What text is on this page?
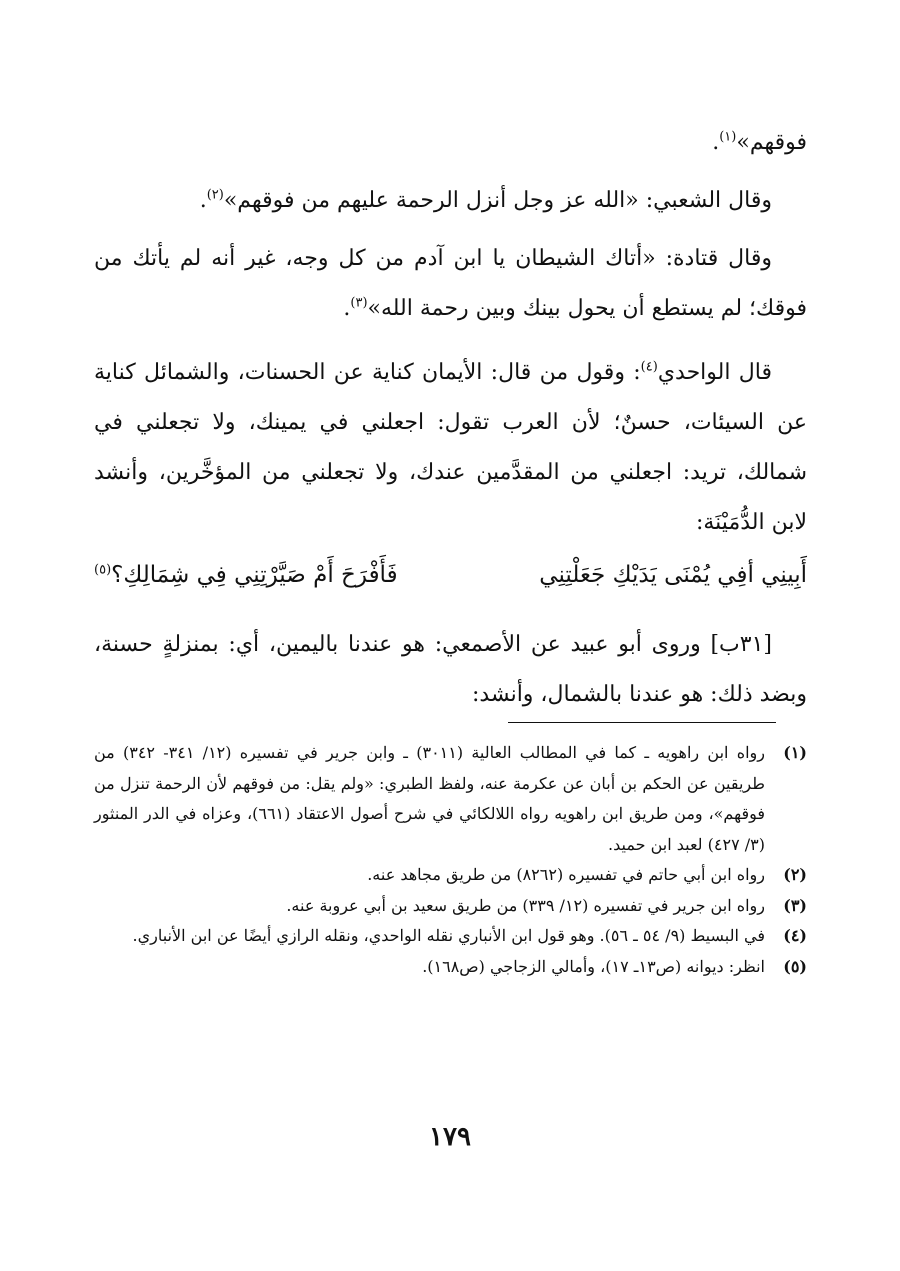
فوقهم»$^{(١)}$.

وقال الشعبي: «الله عز وجل أنزل الرحمة عليهم من فوقهم»$^{(٢)}$.

وقال قتادة: «أتاك الشيطان يا ابن آدم من كل وجه، غير أنه لم يأتك من فوقك؛ لم يستطع أن يحول بينك وبين رحمة الله»$^{(٣)}$.

قال الواحدي$^{(٤)}$: وقول من قال: الأيمان كناية عن الحسنات، والشمائل كناية عن السيئات، حسنٌ؛ لأن العرب تقول: اجعلني في يمينك، ولا تجعلني في شمالك، تريد: اجعلني من المقدَّمين عندك، ولا تجعلني من المؤخَّرين، وأنشد لابن الدُّمَيْنَة:

أَبِينِي أفِي يُمْنَى يَدَيْكِ جَعَلْتِنِي
فَأَفْرَحَ أَمْ صَيَّرْتِنِي فِي شِمَالِكِ؟$^{(٥)}$

[٣١ب] وروى أبو عبيد عن الأصمعي: هو عندنا باليمين، أي: بمنزلةٍ حسنة، وبضد ذلك: هو عندنا بالشمال، وأنشد:

(١)
رواه ابن راهويه ـ كما في المطالب العالية (٣٠١١) ـ وابن جرير في تفسيره (١٢/ ٣٤١- ٣٤٢) من طريقين عن الحكم بن أبان عن عكرمة عنه، ولفظ الطبري: «ولم يقل: من فوقهم لأن الرحمة تنزل من فوقهم»، ومن طريق ابن راهويه رواه اللالكائي في شرح أصول الاعتقاد (٦٦١)، وعزاه في الدر المنثور (٣/ ٤٢٧) لعبد ابن حميد.

(٢)
رواه ابن أبي حاتم في تفسيره (٨٢٦٢) من طريق مجاهد عنه.

(٣)
رواه ابن جرير في تفسيره (١٢/ ٣٣٩) من طريق سعيد بن أبي عروبة عنه.

(٤)
في البسيط (٩/ ٥٤ ـ ٥٦). وهو قول ابن الأنباري نقله الواحدي، ونقله الرازي أيضًا عن ابن الأنباري.

(٥)
انظر: ديوانه (ص١٣ـ ١٧)، وأمالي الزجاجي (ص١٦٨).

١٧٩
